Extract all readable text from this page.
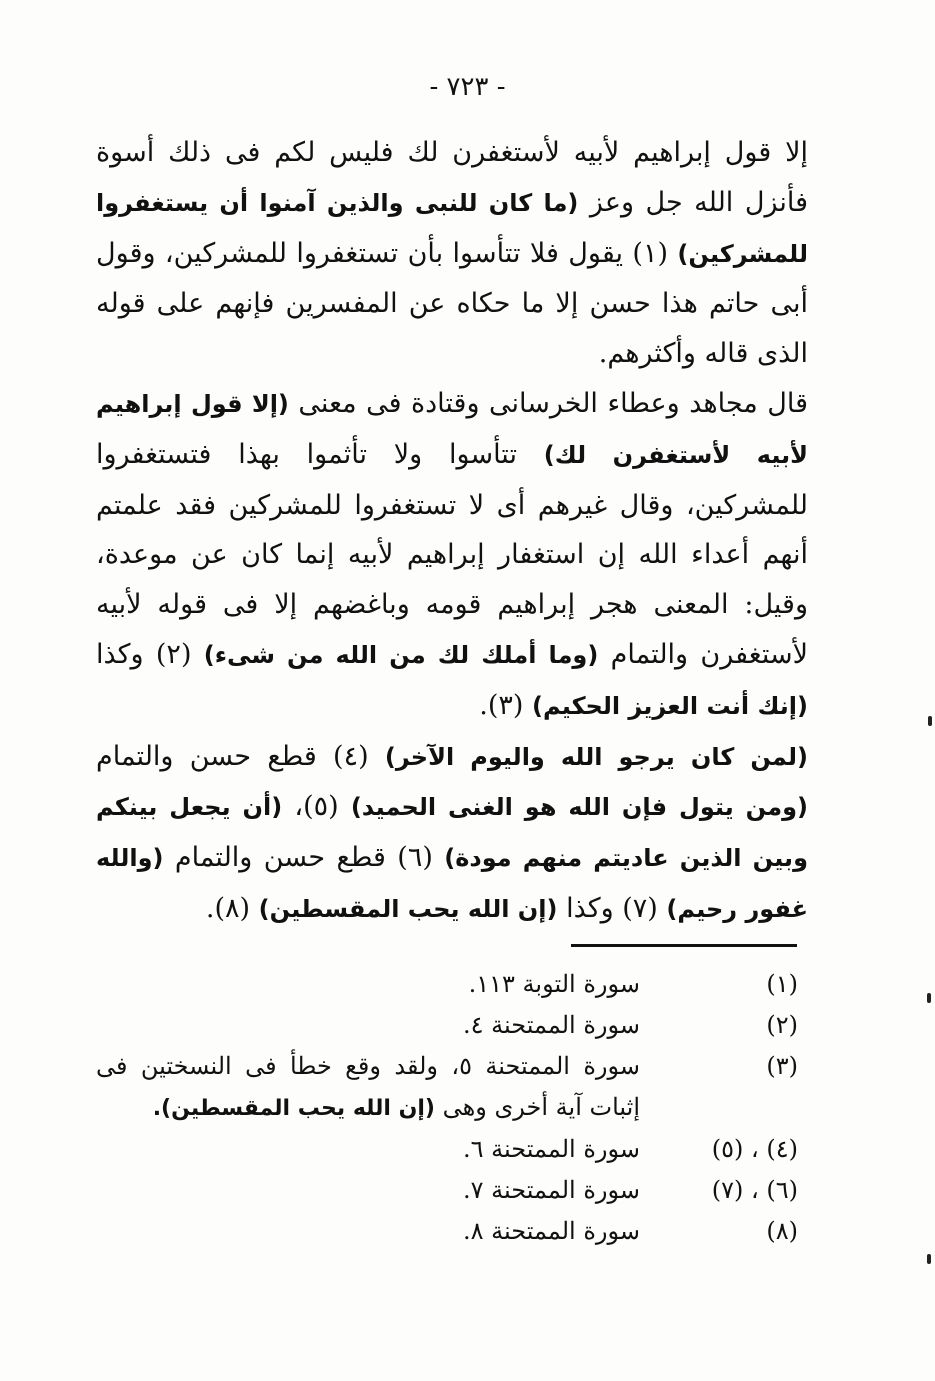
- ٧٢٣ -

إلا قول إبراهيم لأبيه لأستغفرن لك فليس لكم فى ذلك أسوة فأنزل الله جل وعز (ما كان للنبى والذين آمنوا أن يستغفروا للمشركين) (١) يقول فلا تتأسوا بأن تستغفروا للمشركين، وقول أبى حاتم هذا حسن إلا ما حكاه عن المفسرين فإنهم على قوله الذى قاله وأكثرهم.

قال مجاهد وعطاء الخرسانى وقتادة فى معنى (إلا قول إبراهيم لأبيه لأستغفرن لك) تتأسوا ولا تأثموا بهذا فتستغفروا للمشركين، وقال غيرهم أى لا تستغفروا للمشركين فقد علمتم أنهم أعداء الله إن استغفار إبراهيم لأبيه إنما كان عن موعدة، وقيل: المعنى هجر إبراهيم قومه وباغضهم إلا فى قوله لأبيه لأستغفرن والتمام (وما أملك لك من الله من شىء) (٢) وكذا (إنك أنت العزيز الحكيم) (٣).

(لمن كان يرجو الله واليوم الآخر) (٤) قطع حسن والتمام (ومن يتول فإن الله هو الغنى الحميد) (٥)، (أن يجعل بينكم وبين الذين عاديتم منهم مودة) (٦) قطع حسن والتمام (والله غفور رحيم) (٧) وكذا (إن الله يحب المقسطين) (٨).

(١)
سورة التوبة ١١٣.
(٢)
سورة الممتحنة ٤.
(٣)
سورة الممتحنة ٥، ولقد وقع خطأ فى النسختين فى إثبات آية أخرى وهى (إن الله يحب المقسطين).
(٤) ، (٥)
سورة الممتحنة ٦.
(٦) ، (٧)
سورة الممتحنة ٧.
(٨)
سورة الممتحنة ٨.
